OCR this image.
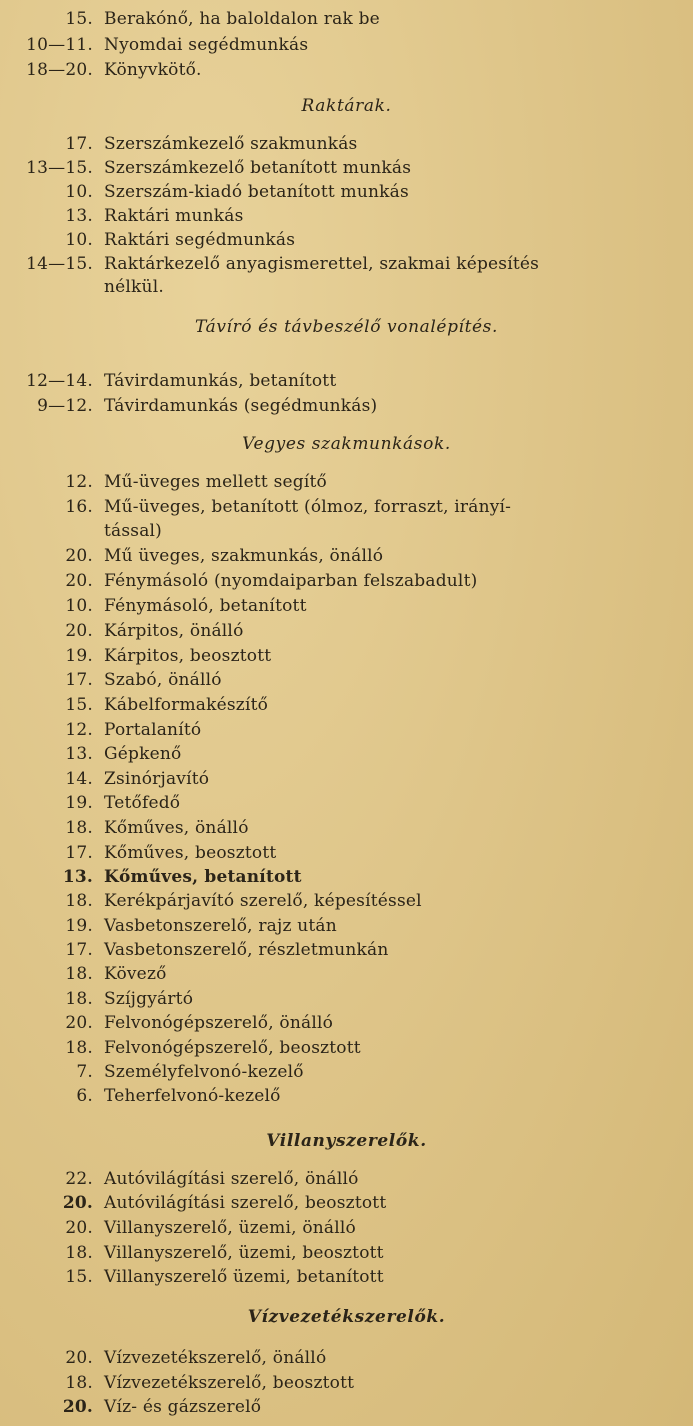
15. Berakónő, ha baloldalon rak be
10—11. Nyomdai segédmunkás
18—20. Könyvkötő.
Raktárak.
17. Szerszámkezelő szakmunkás
13—15. Szerszámkezelő betanított munkás
10. Szerszám-kiadó betanított munkás
13. Raktári munkás
10. Raktári segédmunkás
14—15. Raktárkezelő anyagismerettel, szakmai képesítés
nélkül.
Távíró és távbeszélő vonalépítés.
12—14. Távirdamunkás, betanított
9—12. Távirdamunkás (segédmunkás)
Vegyes szakmunkások.
12. Mű-üveges mellett segítő
16. Mű-üveges, betanított (ólmoz, forraszt, irányí-
tással)
20. Mű üveges, szakmunkás, önálló
20. Fénymásoló (nyomdaiparban felszabadult)
10. Fénymásoló, betanított
20. Kárpitos, önálló
19. Kárpitos, beosztott
17. Szabó, önálló
15. Kábelformakészítő
12. Portalanító
13. Gépkenő
14. Zsinórjavító
19. Tetőfedő
18. Kőműves, önálló
17. Kőműves, beosztott
13. Kőműves, betanított
18. Kerékpárjavító szerelő, képesítéssel
19. Vasbetonszerelő, rajz után
17. Vasbetonszerelő, részletmunkán
18. Kövező
18. Szíjgyártó
20. Felvonógépszerelő, önálló
18. Felvonógépszerelő, beosztott
7. Személyfelvonó-kezelő
6. Teherfelvonó-kezelő
Villanyszerelők.
22. Autóvilágítási szerelő, önálló
20. Autóvilágítási szerelő, beosztott
20. Villanyszerelő, üzemi, önálló
18. Villanyszerelő, üzemi, beosztott
15. Villanyszerelő üzemi, betanított
Vízvezetékszerelők.
20. Vízvezetékszerelő, önálló
18. Vízvezetékszerelő, beosztott
20. Víz- és gázszerelő
